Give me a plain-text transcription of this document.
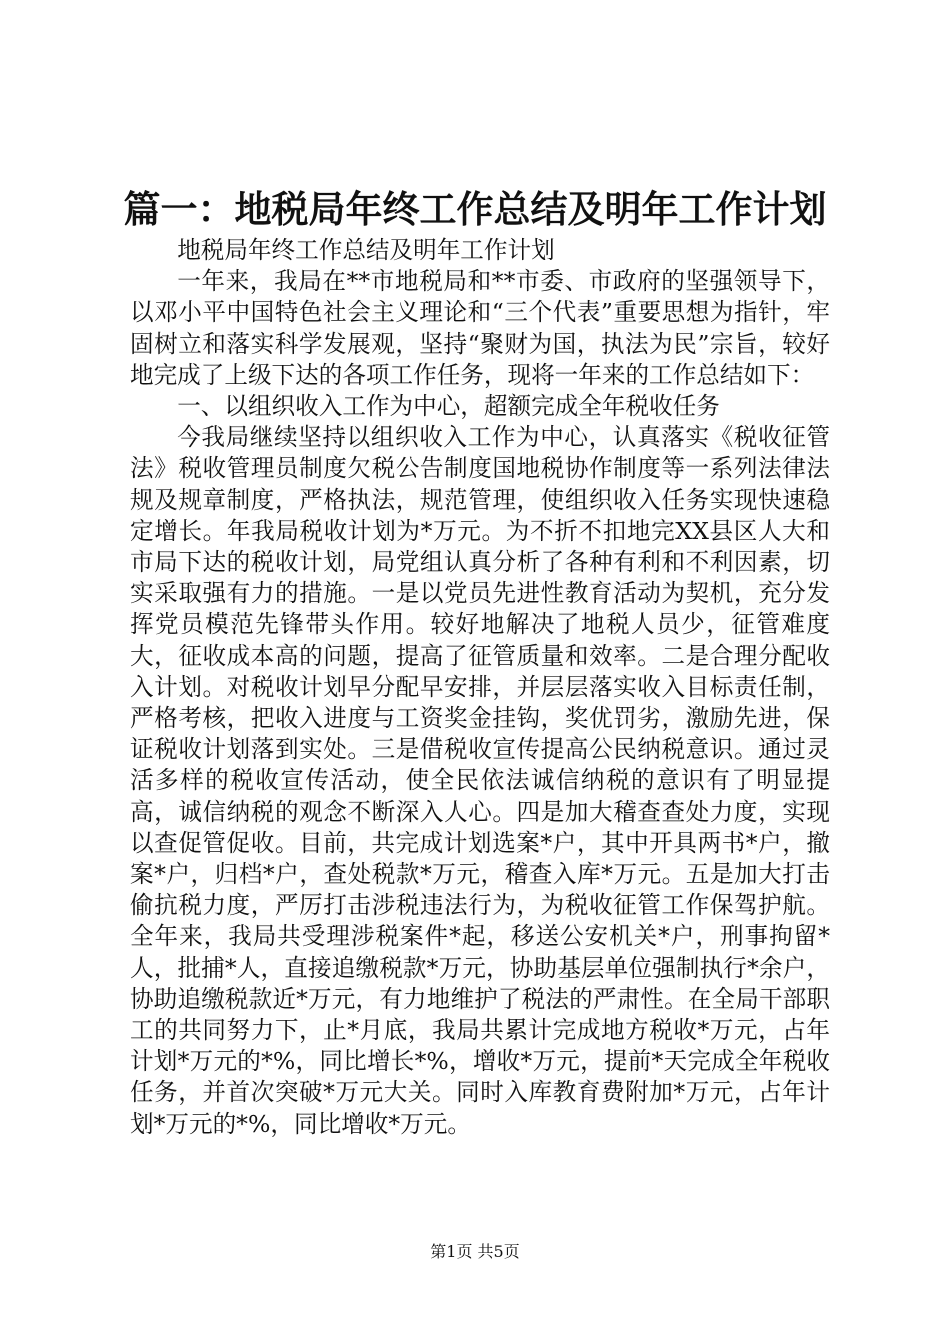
篇一：地税局年终工作总结及明年工作计划

地税局年终工作总结及明年工作计划

一年来，我局在**市地税局和**市委、市政府的坚强领导下，以邓小平中国特色社会主义理论和“三个代表”重要思想为指针，牢固树立和落实科学发展观，坚持“聚财为国，执法为民”宗旨，较好地完成了上级下达的各项工作任务，现将一年来的工作总结如下：

一、以组织收入工作为中心，超额完成全年税收任务

今我局继续坚持以组织收入工作为中心，认真落实《税收征管法》税收管理员制度欠税公告制度国地税协作制度等一系列法律法规及规章制度，严格执法，规范管理，使组织收入任务实现快速稳定增长。年我局税收计划为*万元。为不折不扣地完XX县区人大和市局下达的税收计划，局党组认真分析了各种有利和不利因素，切实采取强有力的措施。一是以党员先进性教育活动为契机，充分发挥党员模范先锋带头作用。较好地解决了地税人员少，征管难度大，征收成本高的问题，提高了征管质量和效率。二是合理分配收入计划。对税收计划早分配早安排，并层层落实收入目标责任制，严格考核，把收入进度与工资奖金挂钩，奖优罚劣，激励先进，保证税收计划落到实处。三是借税收宣传提高公民纳税意识。通过灵活多样的税收宣传活动，使全民依法诚信纳税的意识有了明显提高，诚信纳税的观念不断深入人心。四是加大稽查查处力度，实现以查促管促收。目前，共完成计划选案*户，其中开具两书*户，撤案*户，归档*户，查处税款*万元，稽查入库*万元。五是加大打击偷抗税力度，严厉打击涉税违法行为，为税收征管工作保驾护航。全年来，我局共受理涉税案件*起，移送公安机关*户，刑事拘留*人，批捕*人，直接追缴税款*万元，协助基层单位强制执行*余户，协助追缴税款近*万元，有力地维护了税法的严肃性。在全局干部职工的共同努力下，止*月底，我局共累计完成地方税收*万元，占年计划*万元的*%，同比增长*%，增收*万元，提前*天完成全年税收任务，并首次突破*万元大关。同时入库教育费附加*万元，占年计划*万元的*%，同比增收*万元。

第1页 共5页
